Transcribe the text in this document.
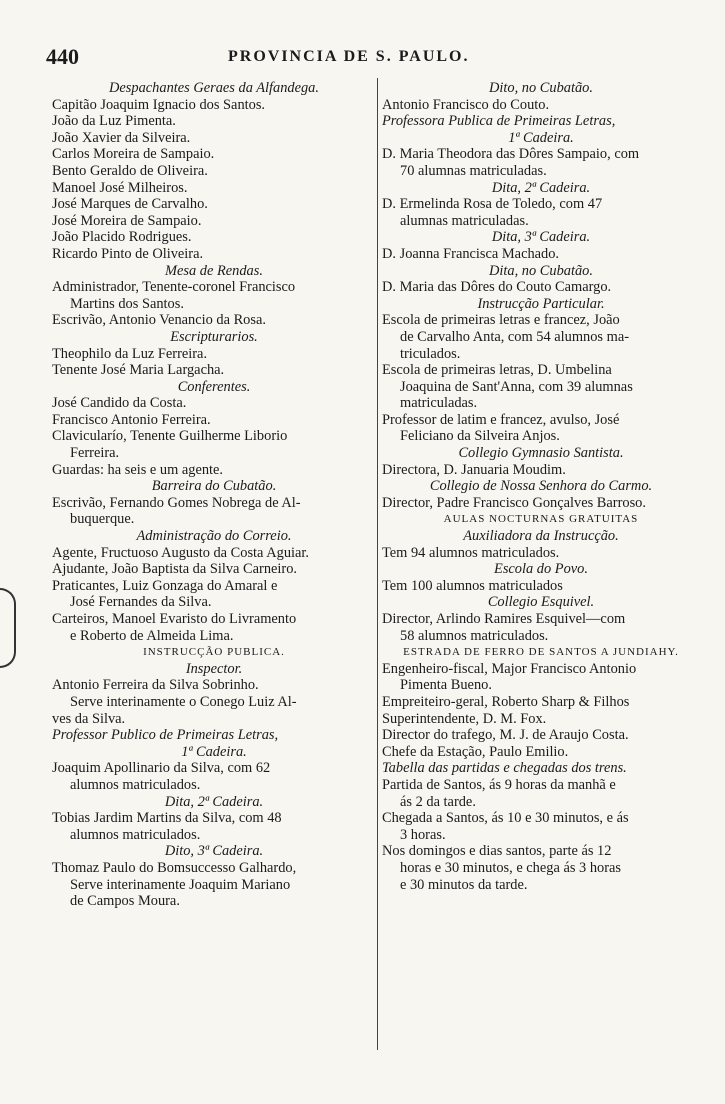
440	PROVINCIA DE S. PAULO.
Despachantes Geraes da Alfandega.
Capitão Joaquim Ignacio dos Santos.
João da Luz Pimenta.
João Xavier da Silveira.
Carlos Moreira de Sampaio.
Bento Geraldo de Oliveira.
Manoel José Milheiros.
José Marques de Carvalho.
José Moreira de Sampaio.
João Placido Rodrigues.
Ricardo Pinto de Oliveira.
Mesa de Rendas.
Administrador, Tenente-coronel Francisco
Martins dos Santos.
Escrivão, Antonio Venancio da Rosa.
Escripturarios.
Theophilo da Luz Ferreira.
Tenente José Maria Largacha.
Conferentes.
José Candido da Costa.
Francisco Antonio Ferreira.
Clavicularío, Tenente Guilherme Liborio
Ferreira.
Guardas: ha seis e um agente.
Barreira do Cubatão.
Escrivão, Fernando Gomes Nobrega de Al-
buquerque.
Administração do Correio.
Agente, Fructuoso Augusto da Costa Aguiar.
Ajudante, João Baptista da Silva Carneiro.
Praticantes, Luiz Gonzaga do Amaral e
José Fernandes da Silva.
Carteiros, Manoel Evaristo do Livramento
e Roberto de Almeida Lima.
INSTRUCÇÃO PUBLICA.
Inspector.
Antonio Ferreira da Silva Sobrinho.
Serve interinamente o Conego Luiz Al-
ves da Silva.
Professor Publico de Primeiras Letras,
1ª Cadeira.
Joaquim Apollinario da Silva, com 62
alumnos matriculados.
Dita, 2ª Cadeira.
Tobias Jardim Martins da Silva, com 48
alumnos matriculados.
Dito, 3ª Cadeira.
Thomaz Paulo do Bomsuccesso Galhardo,
Serve interinamente Joaquim Mariano
de Campos Moura.
Dito, no Cubatão.
Antonio Francisco do Couto.
Professora Publica de Primeiras Letras,
1ª Cadeira.
D. Maria Theodora das Dôres Sampaio, com
70 alumnas matriculadas.
Dita, 2ª Cadeira.
D. Ermelinda Rosa de Toledo, com 47
alumnas matriculadas.
Dita, 3ª Cadeira.
D. Joanna Francisca Machado.
Dita, no Cubatão.
D. Maria das Dôres do Couto Camargo.
Instrucção Particular.
Escola de primeiras letras e francez, João
de Carvalho Anta, com 54 alumnos ma-
triculados.
Escola de primeiras letras, D. Umbelina
Joaquina de Sant'Anna, com 39 alumnas
matriculadas.
Professor de latim e francez, avulso, José
Feliciano da Silveira Anjos.
Collegio Gymnasio Santista.
Directora, D. Januaria Moudim.
Collegio de Nossa Senhora do Carmo.
Director, Padre Francisco Gonçalves Barroso.
AULAS NOCTURNAS GRATUITAS
Auxiliadora da Instrucção.
Tem 94 alumnos matriculados.
Escola do Povo.
Tem 100 alumnos matriculados
Collegio Esquivel.
Director, Arlindo Ramires Esquivel—com
58 alumnos matriculados.
ESTRADA DE FERRO DE SANTOS A JUNDIAHY.
Engenheiro-fiscal, Major Francisco Antonio
Pimenta Bueno.
Empreiteiro-geral, Roberto Sharp & Filhos
Superintendente, D. M. Fox.
Director do trafego, M. J. de Araujo Costa.
Chefe da Estação, Paulo Emilio.
Tabella das partidas e chegadas dos trens.
Partida de Santos, ás 9 horas da manhã e
ás 2 da tarde.
Chegada a Santos, ás 10 e 30 minutos, e ás
3 horas.
Nos domingos e dias santos, parte ás 12
horas e 30 minutos, e chega ás 3 horas
e 30 minutos da tarde.
